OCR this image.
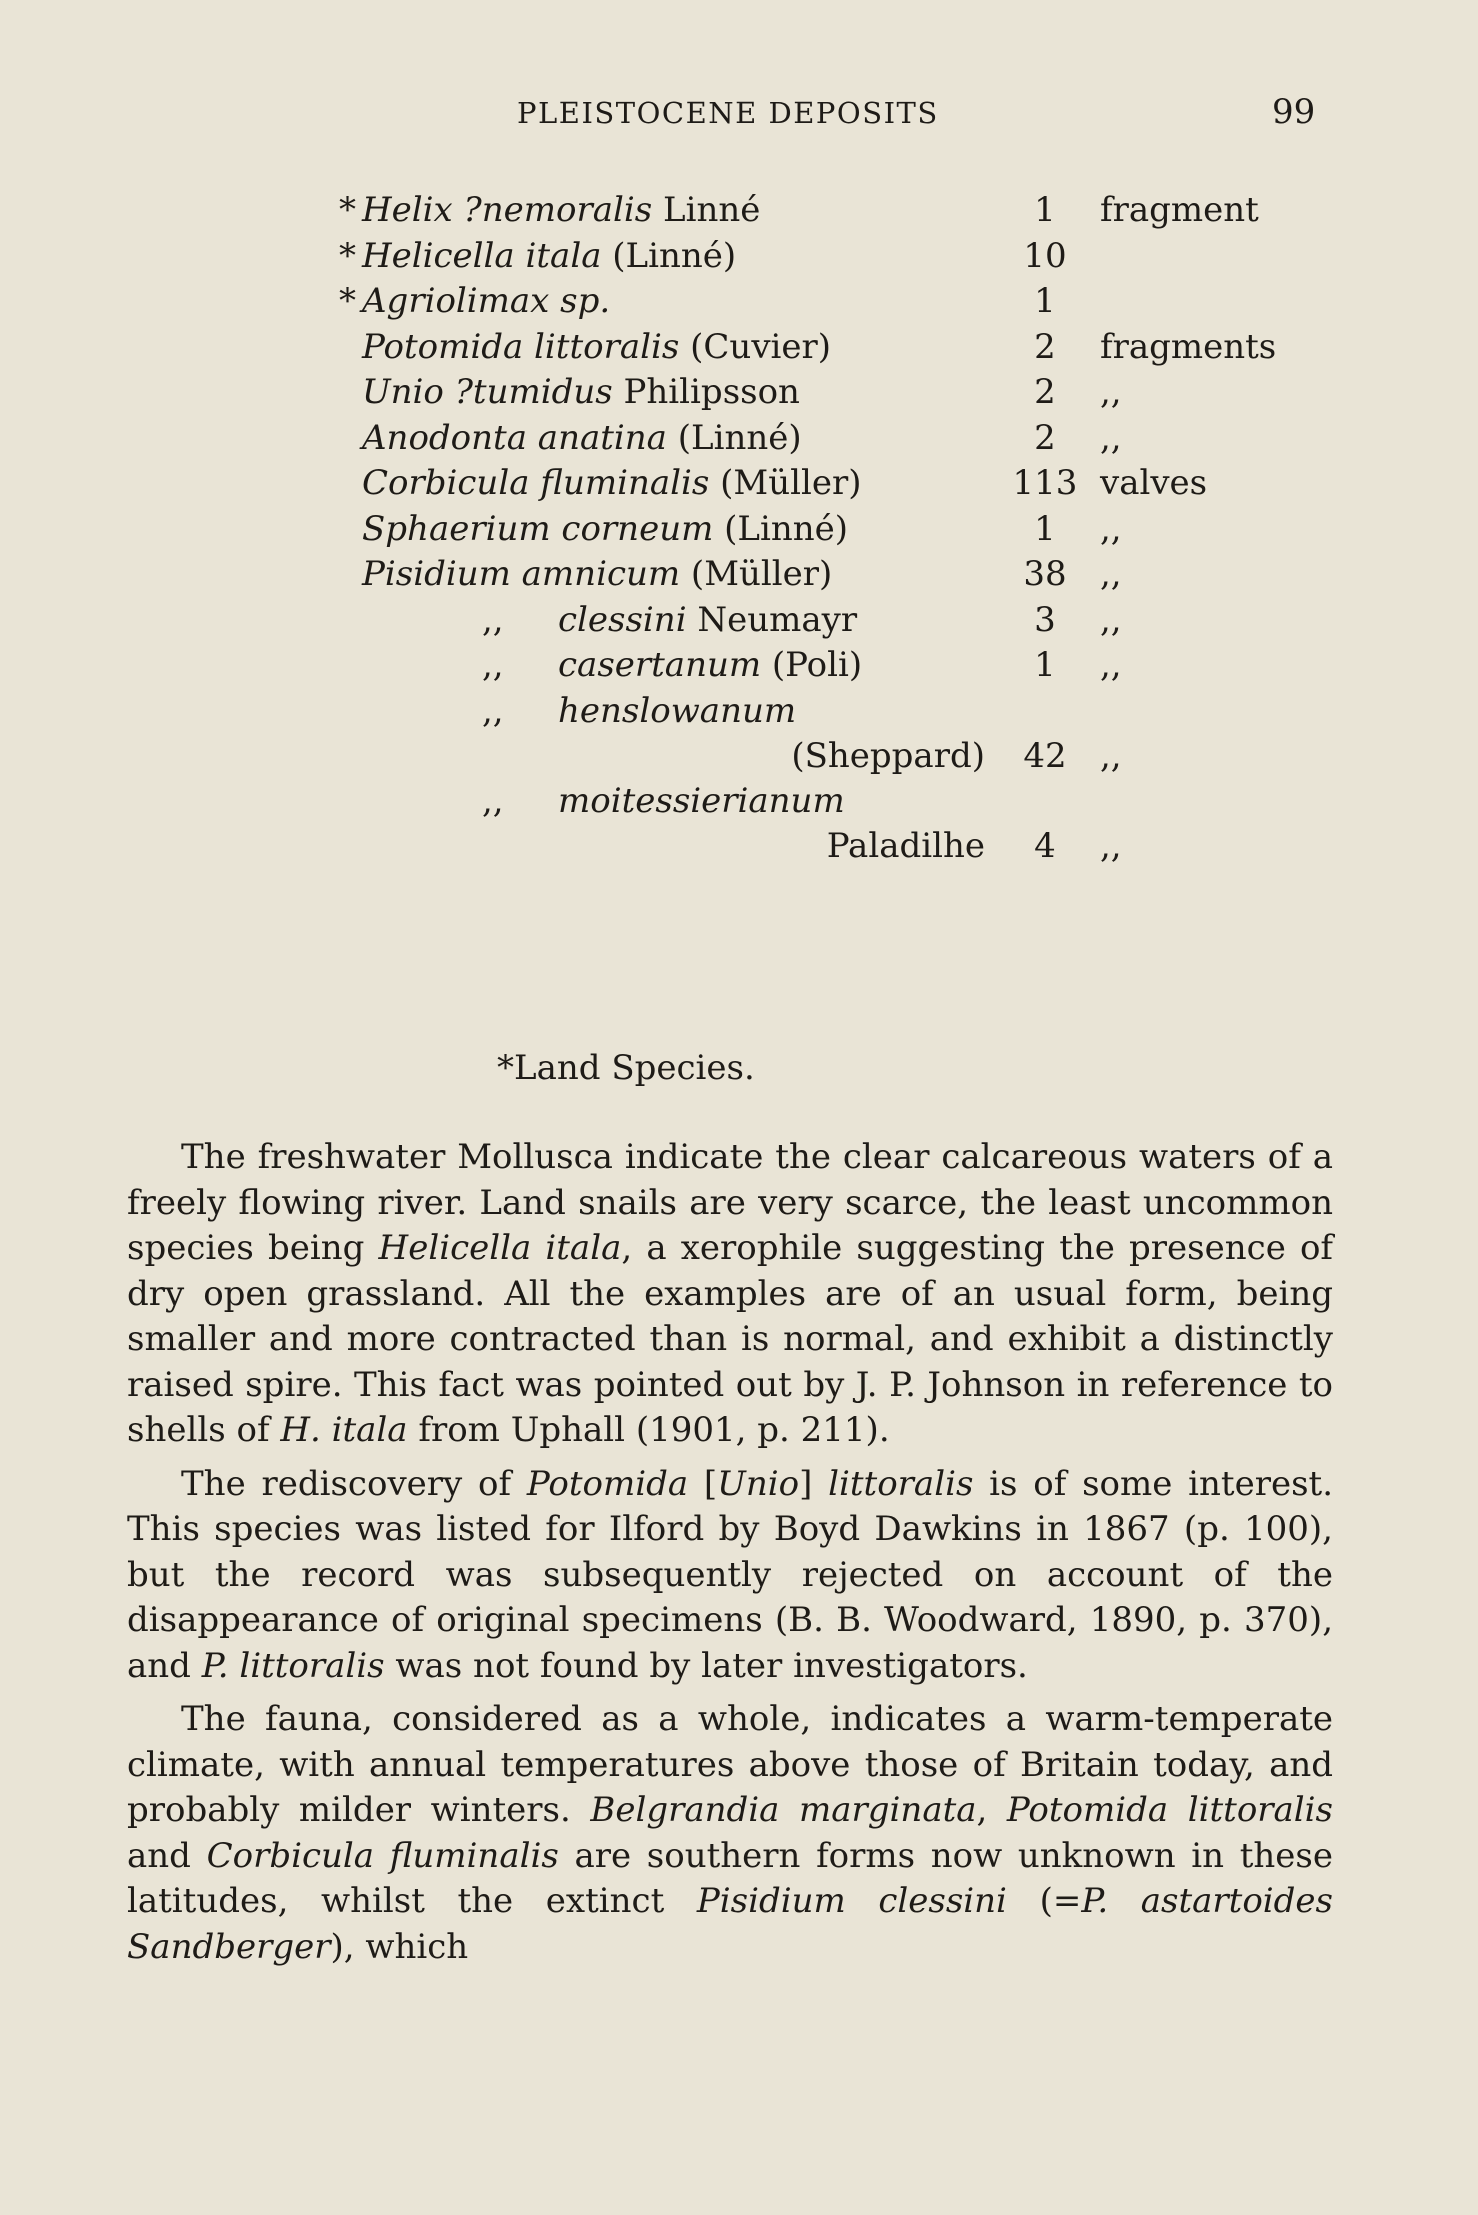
PLEISTOCENE DEPOSITS	99
* Helix ?nemoralis Linné	1	fragment
* Helicella itala (Linné)	10
* Agriolimax sp.	1
Potomida littoralis (Cuvier)	2	fragments
Unio ?tumidus Philipsson	2	,,
Anodonta anatina (Linné)	2	,,
Corbicula fluminalis (Müller)	113 valves
Sphaerium corneum (Linné)	1	,,
Pisidium amnicum (Müller)	38 ,,
,, clessini Neumayr	3	,,
,, casertanum (Poli)	1	,,
,, henslowanum
(Sheppard)	42 ,,
,, moitessierianum
Paladilhe	4	,,
*Land Species.

The freshwater Mollusca indicate the clear calcareous waters of a freely flowing river. Land snails are very scarce, the least uncommon species being Helicella itala, a xerophile suggesting the presence of dry open grassland. All the examples are of an usual form, being smaller and more contracted than is normal, and exhibit a distinctly raised spire. This fact was pointed out by J. P. Johnson in reference to shells of H. itala from Uphall (1901, p. 211).

The rediscovery of Potomida [Unio] littoralis is of some interest. This species was listed for Ilford by Boyd Dawkins in 1867 (p. 100), but the record was subsequently rejected on account of the disappearance of original specimens (B. B. Woodward, 1890, p. 370), and P. littoralis was not found by later investigators.

The fauna, considered as a whole, indicates a warm-temperate climate, with annual temperatures above those of Britain today, and probably milder winters. Belgrandia marginata, Potomida littoralis and Corbicula fluminalis are southern forms now unknown in these latitudes, whilst the extinct Pisidium clessini (=P. astartoides Sandberger), which
